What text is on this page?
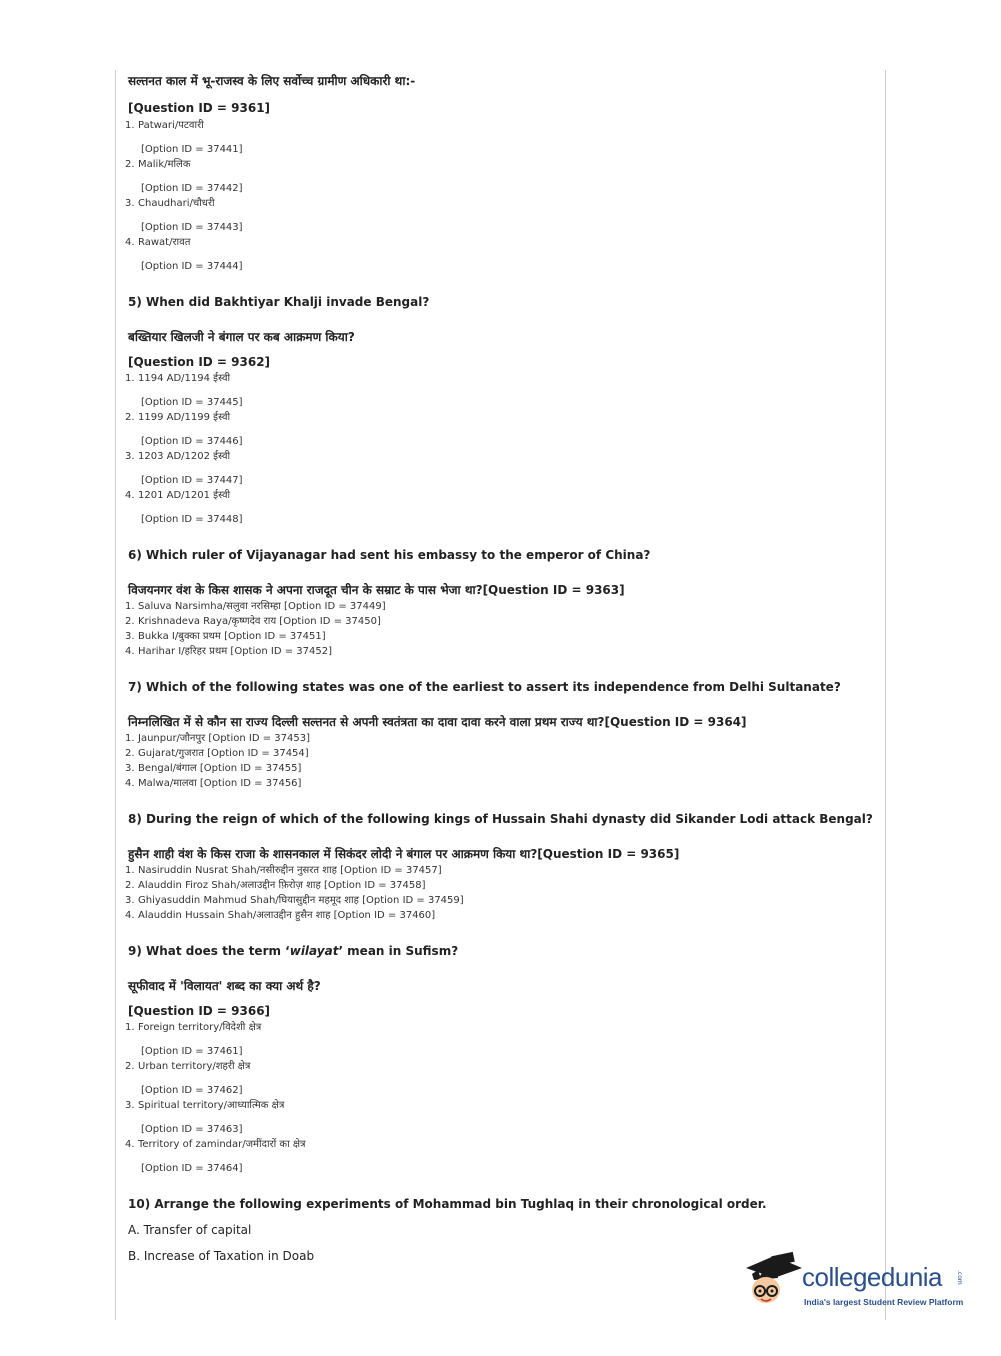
सल्तनत काल में भू-राजस्व के लिए सर्वोच्च ग्रामीण अधिकारी था:-

[Question ID = 9361]

1. Patwari/पटवारी
[Option ID = 37441]
2. Malik/मलिक
[Option ID = 37442]
3. Chaudhari/चौधरी
[Option ID = 37443]
4. Rawat/रावत
[Option ID = 37444]

5) When did Bakhtiyar Khalji invade Bengal?

बख्तियार खिलजी ने बंगाल पर कब आक्रमण किया?

[Question ID = 9362]

1. 1194 AD/1194 ईस्वी
[Option ID = 37445]
2. 1199 AD/1199 ईस्वी
[Option ID = 37446]
3. 1203 AD/1202 ईस्वी
[Option ID = 37447]
4. 1201 AD/1201 ईस्वी
[Option ID = 37448]

6) Which ruler of Vijayanagar had sent his embassy to the emperor of China?

विजयनगर वंश के किस शासक ने अपना राजदूत चीन के सम्राट के पास भेजा था?[Question ID = 9363]

1. Saluva Narsimha/सलुवा नरसिम्हा [Option ID = 37449]
2. Krishnadeva Raya/कृष्णदेव राय [Option ID = 37450]
3. Bukka I/बुक्का प्रथम [Option ID = 37451]
4. Harihar I/हरिहर प्रथम [Option ID = 37452]

7) Which of the following states was one of the earliest to assert its independence from Delhi Sultanate?

निम्नलिखित में से कौन सा राज्य दिल्ली सल्तनत से अपनी स्वतंत्रता का दावा दावा करने वाला प्रथम राज्य था?[Question ID = 9364]

1. Jaunpur/जौनपुर [Option ID = 37453]
2. Gujarat/गुजरात [Option ID = 37454]
3. Bengal/बंगाल [Option ID = 37455]
4. Malwa/मालवा [Option ID = 37456]

8) During the reign of which of the following kings of Hussain Shahi dynasty did Sikander Lodi attack Bengal?

हुसैन शाही वंश के किस राजा के शासनकाल में सिकंदर लोदी ने बंगाल पर आक्रमण किया था?[Question ID = 9365]

1. Nasiruddin Nusrat Shah/नसीरुद्दीन नुसरत शाह [Option ID = 37457]
2. Alauddin Firoz Shah/अलाउद्दीन फ़िरोज़ शाह [Option ID = 37458]
3. Ghiyasuddin Mahmud Shah/घियासुद्दीन महमूद शाह [Option ID = 37459]
4. Alauddin Hussain Shah/अलाउद्दीन हुसैन शाह [Option ID = 37460]

9) What does the term ‘wilayat’ mean in Sufism?

सूफीवाद में 'विलायत' शब्द का क्या अर्थ है?

[Question ID = 9366]

1. Foreign territory/विदेशी क्षेत्र
[Option ID = 37461]
2. Urban territory/शहरी क्षेत्र
[Option ID = 37462]
3. Spiritual territory/आध्यात्मिक क्षेत्र
[Option ID = 37463]
4. Territory of zamindar/जमींदारों का क्षेत्र
[Option ID = 37464]

10) Arrange the following experiments of Mohammad bin Tughlaq in their chronological order.

A. Transfer of capital

B. Increase of Taxation in Doab

collegedunia .com
India's largest Student Review Platform
